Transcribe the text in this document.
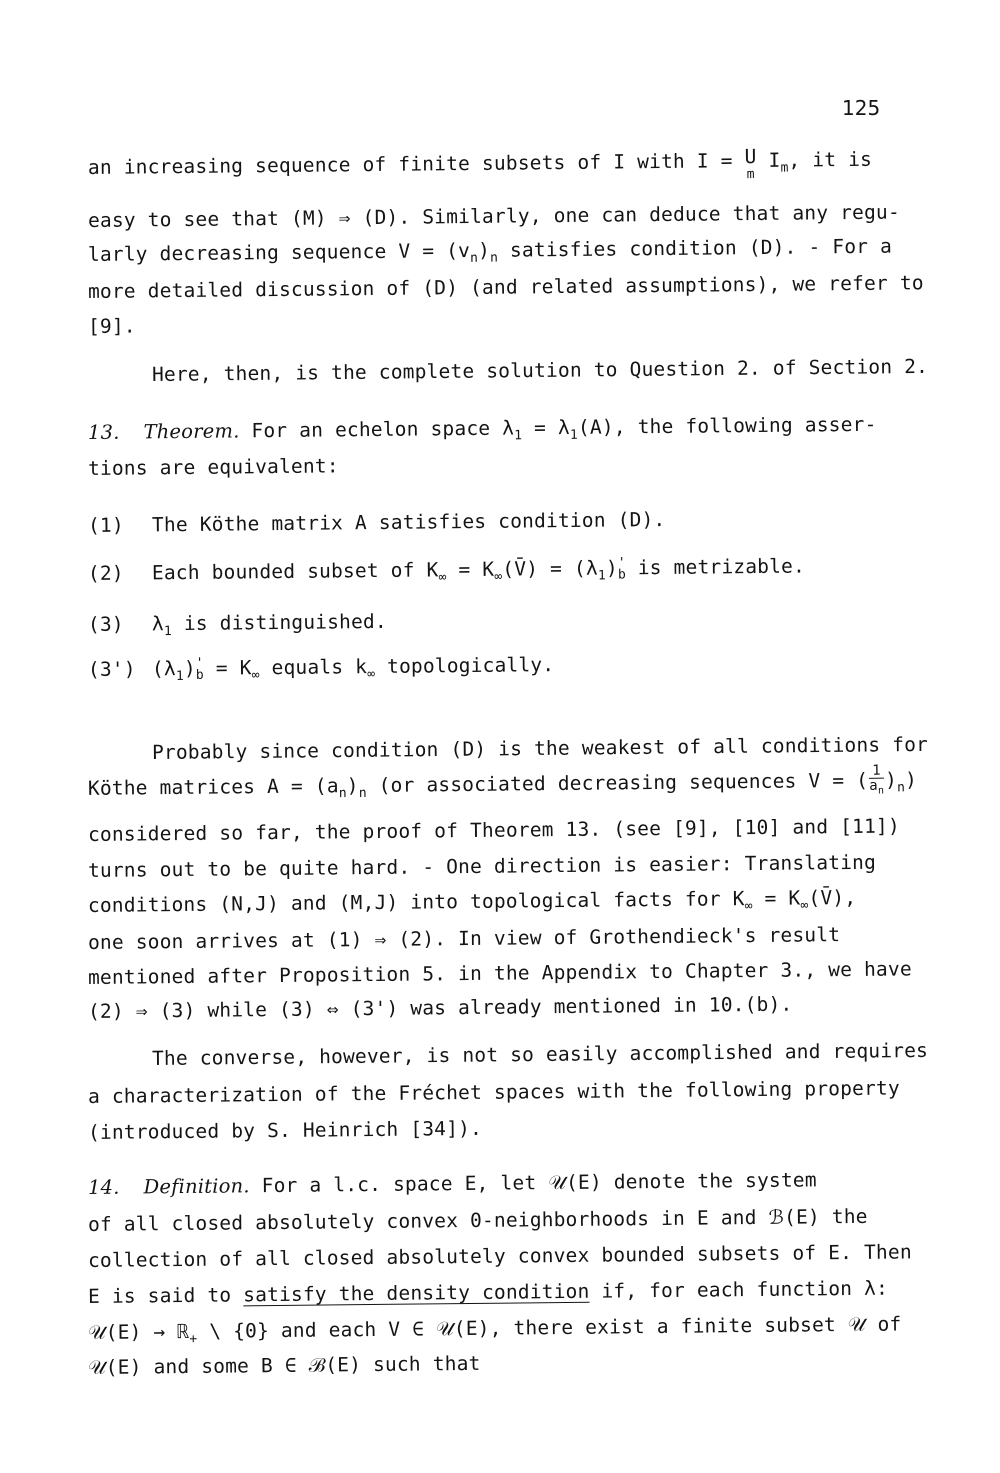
125
an increasing sequence of finite subsets of I with I = U
m
$I_m$, it is
easy to see that (M) ⇒ (D). Similarly, one can deduce that any regu-
larly decreasing sequence $V = (v_n)_n$ satisfies condition (D). - For a
more detailed discussion of (D) (and related assumptions), we refer to
[9].
Here, then, is the complete solution to Question 2. of Section 2.
13. Theorem. For an echelon space $\lambda_1 = \lambda_1(A)$, the following asser-
tions are equivalent:
(1) The Köthe matrix A satisfies condition (D).
(2) Each bounded subset of $K_\infty$ = $K_\infty(V̄) = (\lambda_1)$ '
b is metrizable.
(3) $\lambda_1$ is distinguished.
(3') $(\lambda_1)$ '
$b = K_\infty$ equals $k_\infty$ topologically.
Probably since condition (D) is the weakest of all conditions for
Köthe matrices $A = (a_n)_n$ (or associated decreasing sequences V = ( $\frac{1}{a_n} )_n$)
considered so far, the proof of Theorem 13. (see [9], [10] and [11])
turns out to be quite hard. - One direction is easier: Translating
conditions (N,J) and (M,J) into topological facts for $K_\infty$ = $K_\infty(V̄)$,
one soon arrives at (1) ⇒ (2). In view of Grothendieck's result
mentioned after Proposition 5. in the Appendix to Chapter 3., we have
(2) ⇒ (3) while (3) ⇔ (3') was already mentioned in 10.(b).
The converse, however, is not so easily accomplished and requires
a characterization of the Fréchet spaces with the following property
(introduced by S. Heinrich [34]).
14. Definition. For a l.c. space E, let 𝒰(E) denote the system
of all closed absolutely convex 0-neighborhoods in E and ℬ(E) the
collection of all closed absolutely convex bounded subsets of E. Then
E is said to satisfy the density condition if, for each function λ:
𝒰(E) → ℝ$_+$ \ {0} and each V ∈ 𝒰(E), there exist a finite subset 𝒰 of
𝒰(E) and some B ∈ ℬ(E) such that
